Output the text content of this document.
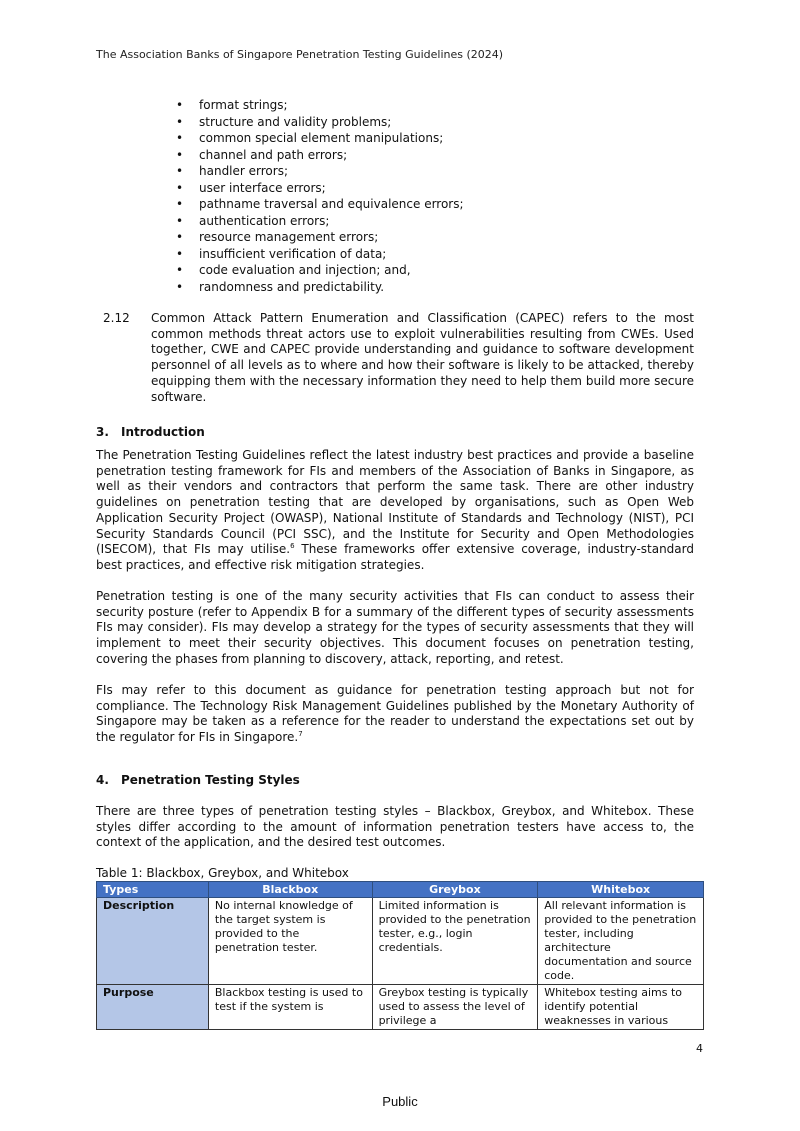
The Association Banks of Singapore Penetration Testing Guidelines (2024)
• format strings;
• structure and validity problems;
• common special element manipulations;
• channel and path errors;
• handler errors;
• user interface errors;
• pathname traversal and equivalence errors;
• authentication errors;
• resource management errors;
• insufficient verification of data;
• code evaluation and injection; and,
• randomness and predictability.
2.12 Common Attack Pattern Enumeration and Classification (CAPEC) refers to the most common methods threat actors use to exploit vulnerabilities resulting from CWEs. Used together, CWE and CAPEC provide understanding and guidance to software development personnel of all levels as to where and how their software is likely to be attacked, thereby equipping them with the necessary information they need to help them build more secure software.

3. Introduction

The Penetration Testing Guidelines reflect the latest industry best practices and provide a baseline penetration testing framework for FIs and members of the Association of Banks in Singapore, as well as their vendors and contractors that perform the same task. There are other industry guidelines on penetration testing that are developed by organisations, such as Open Web Application Security Project (OWASP), National Institute of Standards and Technology (NIST), PCI Security Standards Council (PCI SSC), and the Institute for Security and Open Methodologies (ISECOM), that FIs may utilise.$^6$ These frameworks offer extensive coverage, industry-standard best practices, and effective risk mitigation strategies.

Penetration testing is one of the many security activities that FIs can conduct to assess their security posture (refer to Appendix B for a summary of the different types of security assessments FIs may consider). FIs may develop a strategy for the types of security assessments that they will implement to meet their security objectives. This document focuses on penetration testing, covering the phases from planning to discovery, attack, reporting, and retest.

FIs may refer to this document as guidance for penetration testing approach but not for compliance. The Technology Risk Management Guidelines published by the Monetary Authority of Singapore may be taken as a reference for the reader to understand the expectations set out by the regulator for FIs in Singapore.$^7$

4. Penetration Testing Styles

There are three types of penetration testing styles – Blackbox, Greybox, and Whitebox. These styles differ according to the amount of information penetration testers have access to, the context of the application, and the desired test outcomes.

Table 1: Blackbox, Greybox, and Whitebox
Types	Blackbox	Greybox	Whitebox
Description	No internal knowledge of the target system is provided to the penetration tester.	Limited information is provided to the penetration tester, e.g., login credentials.	All relevant information is provided to the penetration tester, including architecture documentation and source code.
Purpose	Blackbox testing is used to test if the system is	Greybox testing is typically used to assess the level of privilege a	Whitebox testing aims to identify potential weaknesses in various
4
Public
